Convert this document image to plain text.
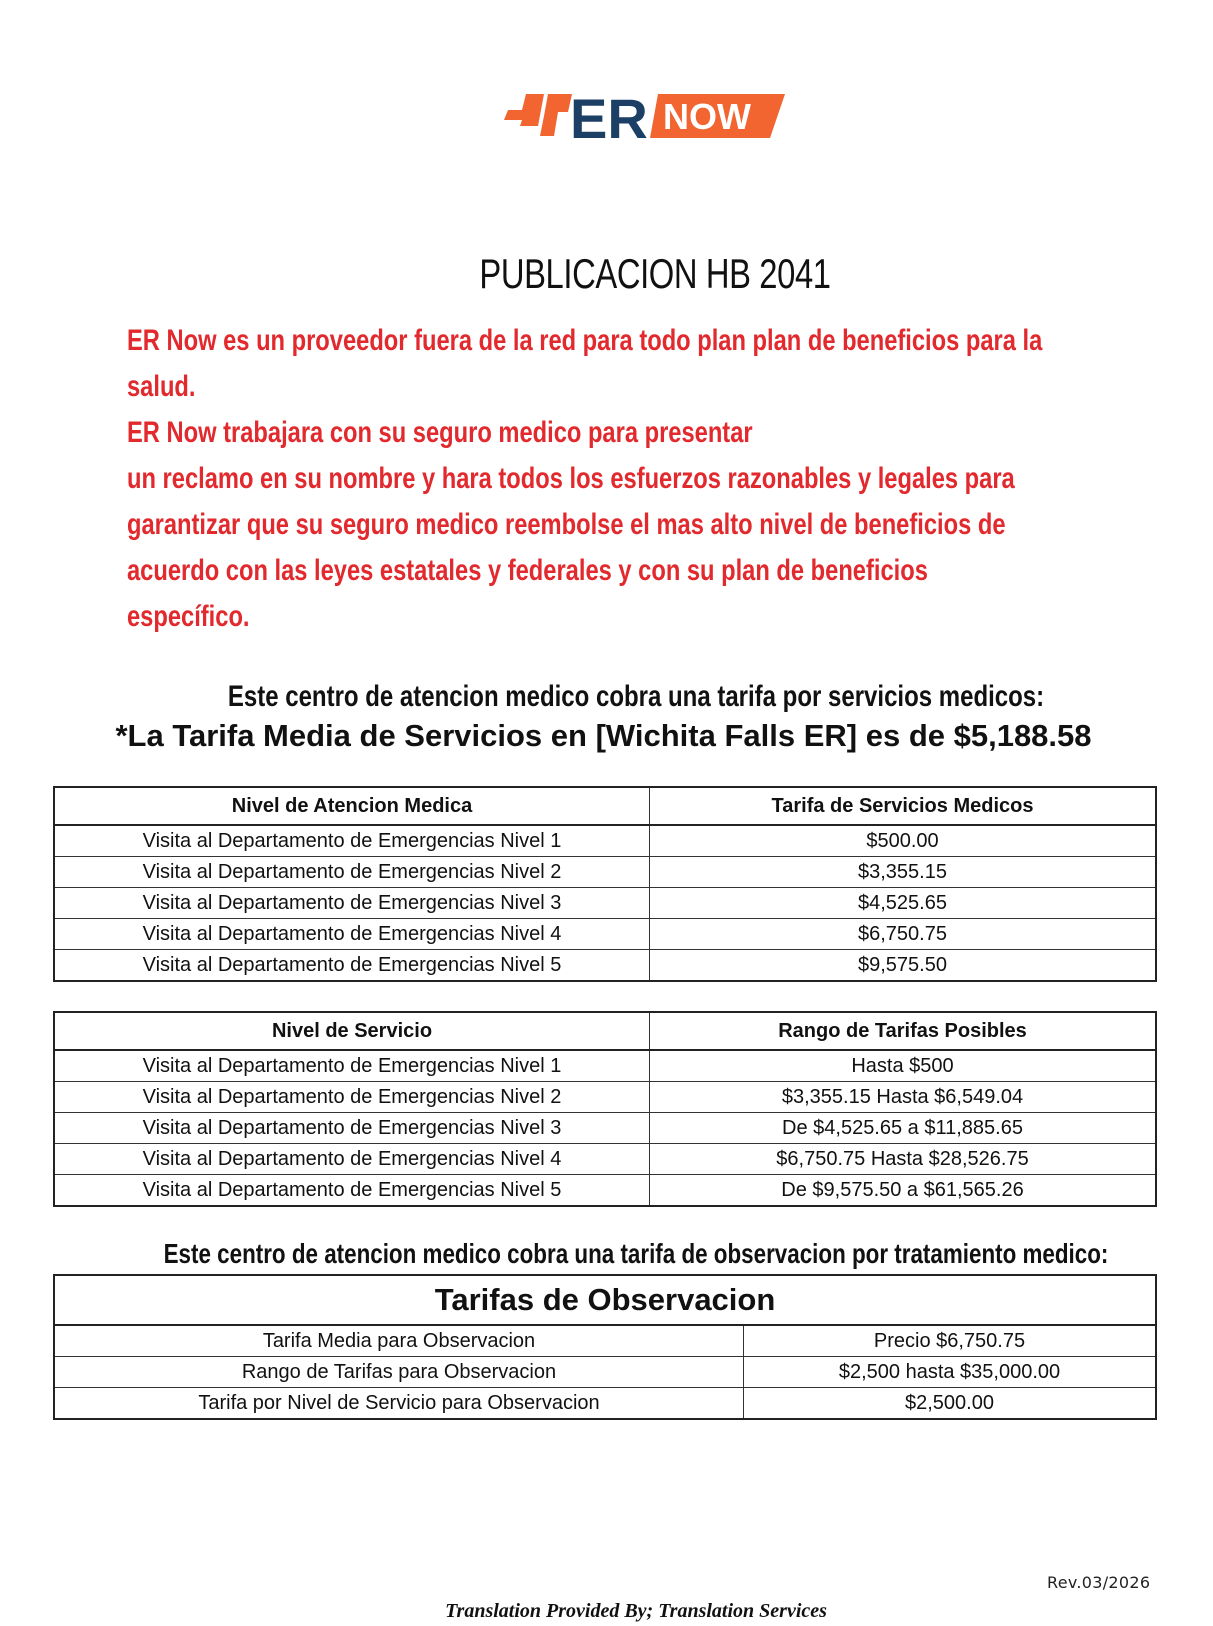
ER NOW
PUBLICACION HB 2041
ER Now es un proveedor fuera de la red para todo plan plan de beneficios para la
salud.
ER Now trabajara con su seguro medico para presentar
un reclamo en su nombre y hara todos los esfuerzos razonables y legales para
garantizar que su seguro medico reembolse el mas alto nivel de beneficios de
acuerdo con las leyes estatales y federales y con su plan de beneficios
específico.
Este centro de atencion medico cobra una tarifa por servicios medicos:
*La Tarifa Media de Servicios en [Wichita Falls ER] es de $5,188.58
Nivel de Atencion Medica	Tarifa de Servicios Medicos
Visita al Departamento de Emergencias Nivel 1	$500.00
Visita al Departamento de Emergencias Nivel 2	$3,355.15
Visita al Departamento de Emergencias Nivel 3	$4,525.65
Visita al Departamento de Emergencias Nivel 4	$6,750.75
Visita al Departamento de Emergencias Nivel 5	$9,575.50
Nivel de Servicio	Rango de Tarifas Posibles
Visita al Departamento de Emergencias Nivel 1	Hasta $500
Visita al Departamento de Emergencias Nivel 2	$3,355.15 Hasta $6,549.04
Visita al Departamento de Emergencias Nivel 3	De $4,525.65 a $11,885.65
Visita al Departamento de Emergencias Nivel 4	$6,750.75 Hasta $28,526.75
Visita al Departamento de Emergencias Nivel 5	De $9,575.50 a $61,565.26
Este centro de atencion medico cobra una tarifa de observacion por tratamiento medico:
Tarifas de Observacion	
Tarifa Media para Observacion	Precio $6,750.75
Rango de Tarifas para Observacion	$2,500 hasta $35,000.00
Tarifa por Nivel de Servicio para Observacion	$2,500.00
Rev.03/2026
Translation Provided By; Translation Services
